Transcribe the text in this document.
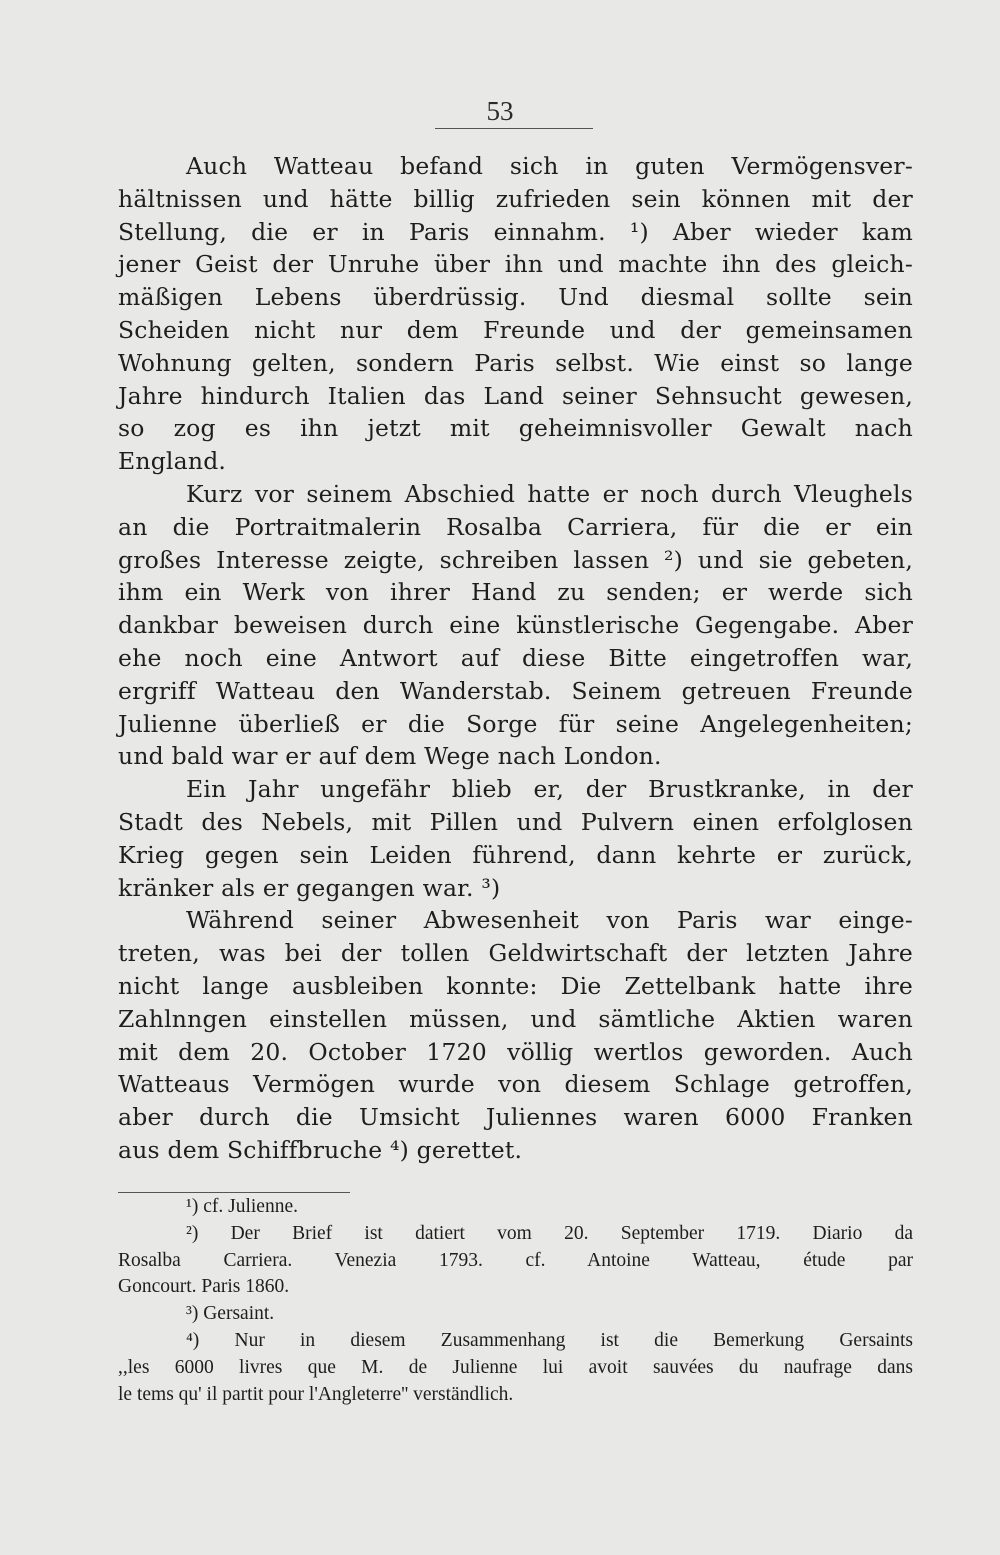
53
Auch Watteau befand sich in guten Vermögensver-
hältnissen und hätte billig zufrieden sein können mit der
Stellung, die er in Paris einnahm. ¹) Aber wieder kam
jener Geist der Unruhe über ihn und machte ihn des gleich-
mäßigen Lebens überdrüssig. Und diesmal sollte sein
Scheiden nicht nur dem Freunde und der gemeinsamen
Wohnung gelten, sondern Paris selbst. Wie einst so lange
Jahre hindurch Italien das Land seiner Sehnsucht gewesen,
so zog es ihn jetzt mit geheimnisvoller Gewalt nach
England.
Kurz vor seinem Abschied hatte er noch durch Vleughels
an die Portraitmalerin Rosalba Carriera, für die er ein
großes Interesse zeigte, schreiben lassen ²) und sie gebeten,
ihm ein Werk von ihrer Hand zu senden; er werde sich
dankbar beweisen durch eine künstlerische Gegengabe. Aber
ehe noch eine Antwort auf diese Bitte eingetroffen war,
ergriff Watteau den Wanderstab. Seinem getreuen Freunde
Julienne überließ er die Sorge für seine Angelegenheiten;
und bald war er auf dem Wege nach London.
Ein Jahr ungefähr blieb er, der Brustkranke, in der
Stadt des Nebels, mit Pillen und Pulvern einen erfolglosen
Krieg gegen sein Leiden führend, dann kehrte er zurück,
kränker als er gegangen war. ³)
Während seiner Abwesenheit von Paris war einge-
treten, was bei der tollen Geldwirtschaft der letzten Jahre
nicht lange ausbleiben konnte: Die Zettelbank hatte ihre
Zahlnngen einstellen müssen, und sämtliche Aktien waren
mit dem 20. October 1720 völlig wertlos geworden. Auch
Watteaus Vermögen wurde von diesem Schlage getroffen,
aber durch die Umsicht Juliennes waren 6000 Franken
aus dem Schiffbruche ⁴) gerettet.
¹) cf. Julienne.
²) Der Brief ist datiert vom 20. September 1719. Diario da
Rosalba Carriera. Venezia 1793. cf. Antoine Watteau, étude par
Goncourt. Paris 1860.
³) Gersaint.
⁴) Nur in diesem Zusammenhang ist die Bemerkung Gersaints
,,les 6000 livres que M. de Julienne lui avoit sauvées du naufrage dans
le tems qu' il partit pour l'Angleterre'' verständlich.
